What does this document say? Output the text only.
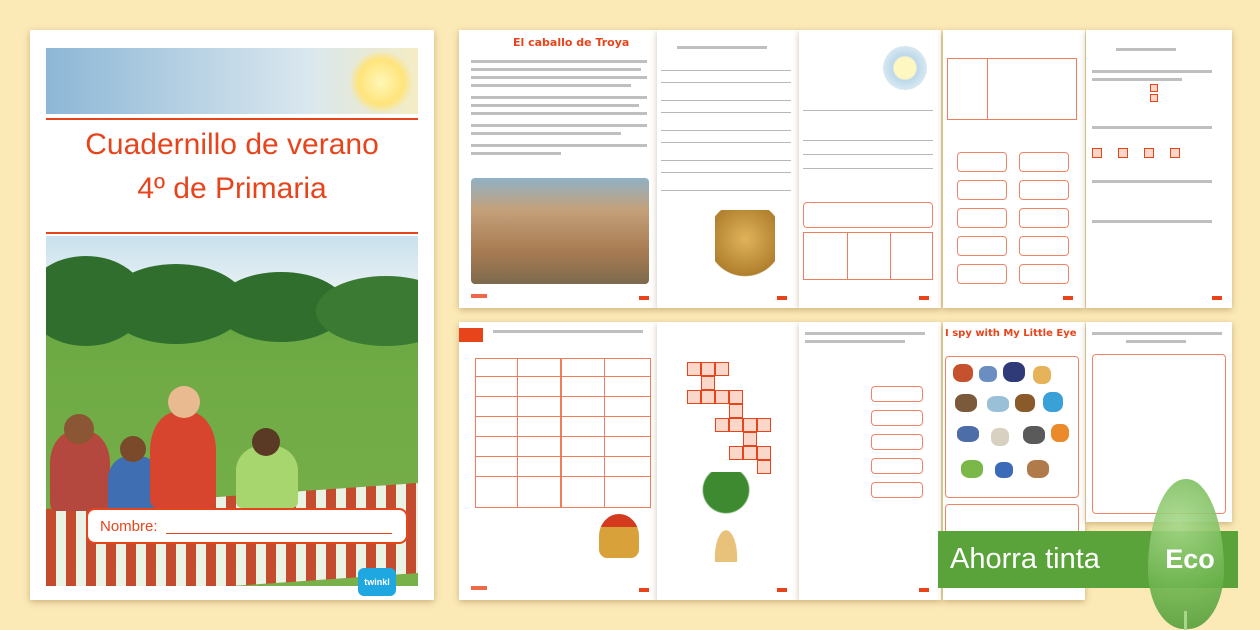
Cuadernillo de verano
4º de Primaria
Nombre:
twinkl
El caballo de Troya
I spy with My Little Eye
Ahorra tinta Eco
